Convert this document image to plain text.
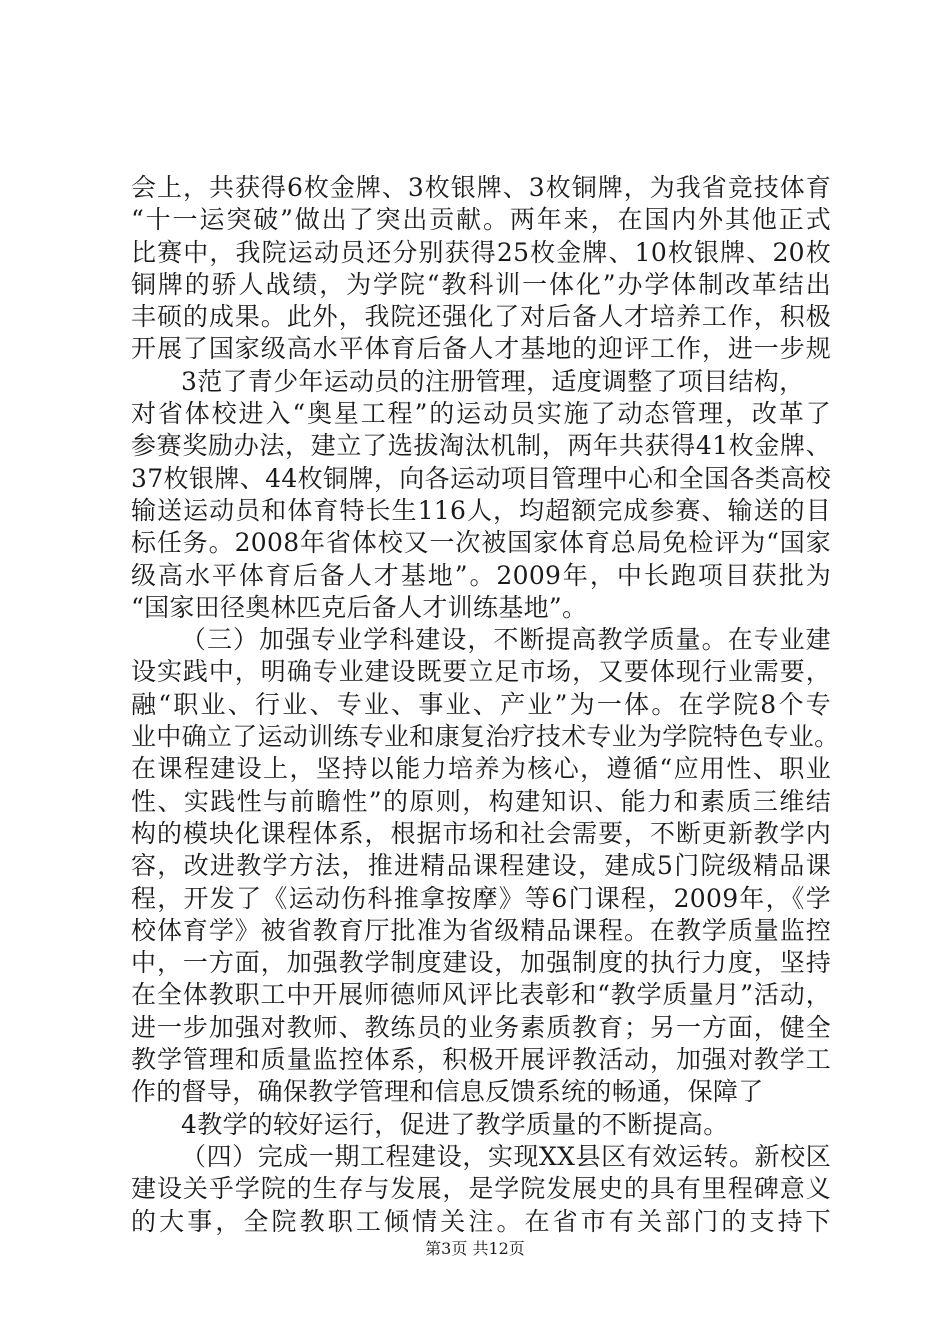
会上，共获得6枚金牌、3枚银牌、3枚铜牌，为我省竞技体育
“十一运突破”做出了突出贡献。两年来，在国内外其他正式
比赛中，我院运动员还分别获得25枚金牌、10枚银牌、20枚
铜牌的骄人战绩，为学院“教科训一体化”办学体制改革结出
丰硕的成果。此外，我院还强化了对后备人才培养工作，积极
开展了国家级高水平体育后备人才基地的迎评工作，进一步规
3范了青少年运动员的注册管理，适度调整了项目结构，
对省体校进入“奥星工程”的运动员实施了动态管理，改革了
参赛奖励办法，建立了选拔淘汰机制，两年共获得41枚金牌、
37枚银牌、44枚铜牌，向各运动项目管理中心和全国各类高校
输送运动员和体育特长生116人，均超额完成参赛、输送的目
标任务。2008年省体校又一次被国家体育总局免检评为“国家
级高水平体育后备人才基地”。2009年，中长跑项目获批为
“国家田径奥林匹克后备人才训练基地”。
（三）加强专业学科建设，不断提高教学质量。在专业建
设实践中，明确专业建设既要立足市场，又要体现行业需要，
融“职业、行业、专业、事业、产业”为一体。在学院8个专
业中确立了运动训练专业和康复治疗技术专业为学院特色专业。
在课程建设上，坚持以能力培养为核心，遵循“应用性、职业
性、实践性与前瞻性”的原则，构建知识、能力和素质三维结
构的模块化课程体系，根据市场和社会需要，不断更新教学内
容，改进教学方法，推进精品课程建设，建成5门院级精品课
程，开发了《运动伤科推拿按摩》等6门课程，2009年，《学
校体育学》被省教育厅批准为省级精品课程。在教学质量监控
中，一方面，加强教学制度建设，加强制度的执行力度，坚持
在全体教职工中开展师德师风评比表彰和“教学质量月”活动，
进一步加强对教师、教练员的业务素质教育；另一方面，健全
教学管理和质量监控体系，积极开展评教活动，加强对教学工
作的督导，确保教学管理和信息反馈系统的畅通，保障了
4教学的较好运行，促进了教学质量的不断提高。
（四）完成一期工程建设，实现XX县区有效运转。新校区
建设关乎学院的生存与发展，是学院发展史的具有里程碑意义
的大事，全院教职工倾情关注。在省市有关部门的支持下
第3页 共12页
